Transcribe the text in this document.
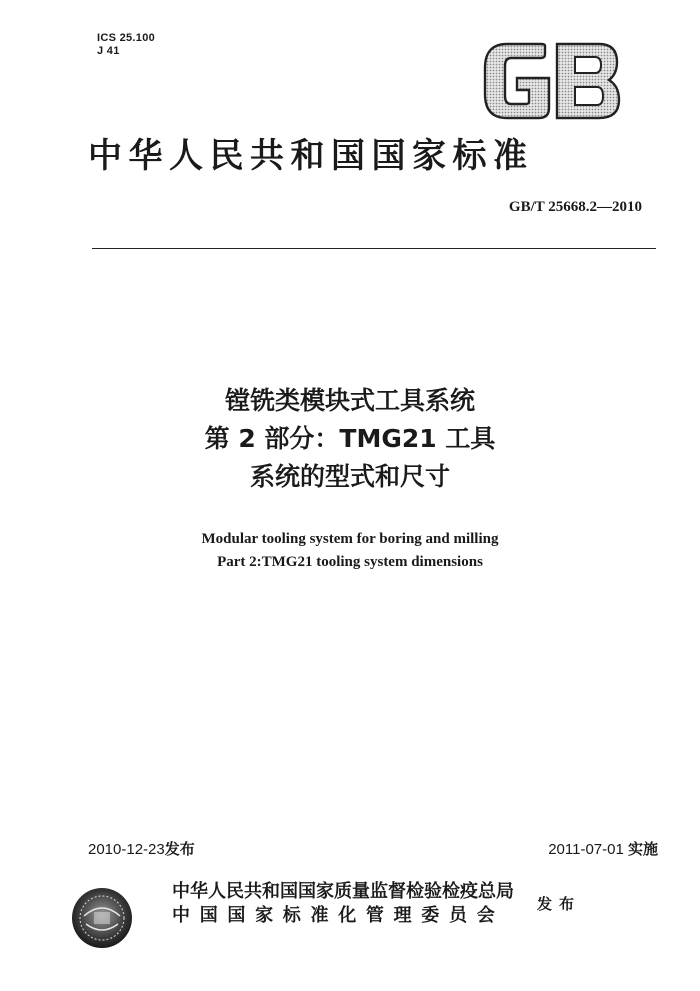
ICS 25.100
J 41
中华人民共和国国家标准
GB/T 25668.2—2010
镗铣类模块式工具系统
第 2 部分：TMG21 工具
系统的型式和尺寸
Modular tooling system for boring and milling
Part 2:TMG21 tooling system dimensions
2010-12-23发布	2011-07-01 实施
中华人民共和国国家质量监督检验检疫总局
中国国家标准化管理委员会
发布
